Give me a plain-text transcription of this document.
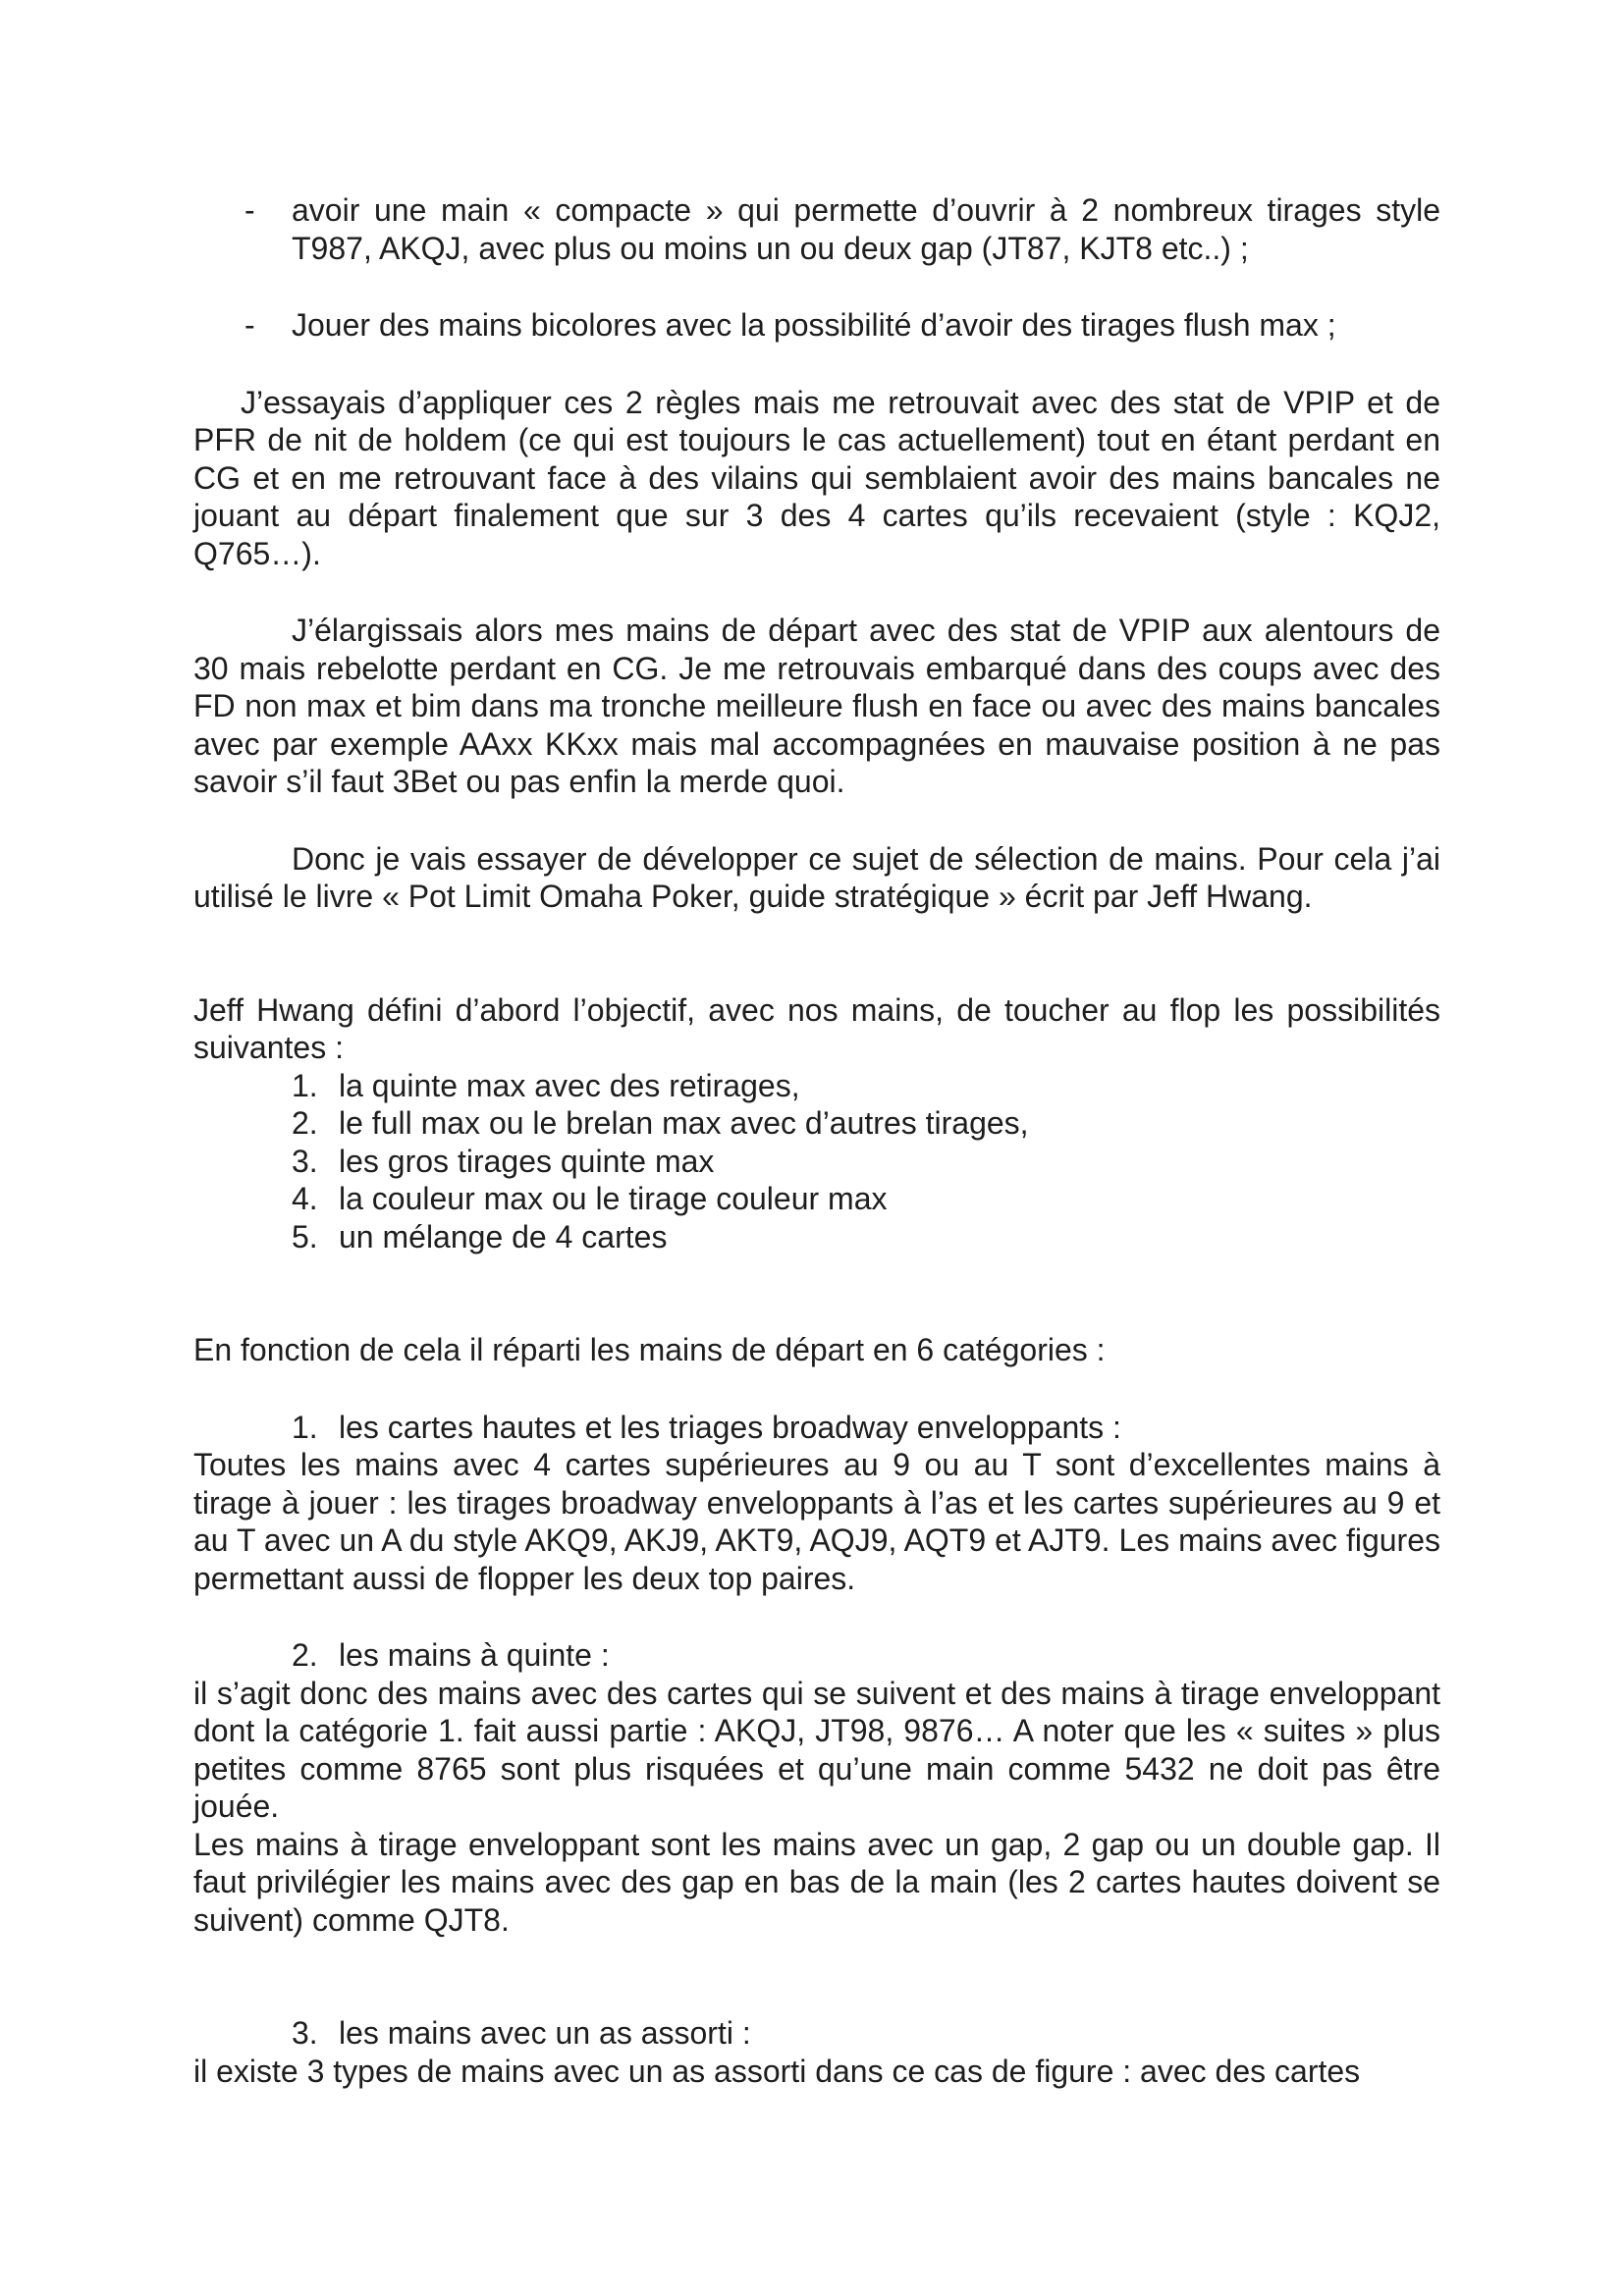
- avoir une main « compacte » qui permette d’ouvrir à 2 nombreux tirages style T987, AKQJ, avec plus ou moins un ou deux gap (JT87, KJT8 etc..) ;
- Jouer des mains bicolores avec la possibilité d’avoir des tirages flush max ;
J’essayais d’appliquer ces 2 règles mais me retrouvait avec des stat de VPIP et de PFR de nit de holdem (ce qui est toujours le cas actuellement) tout en étant perdant en CG et en me retrouvant face à des vilains qui semblaient avoir des mains bancales ne jouant au départ finalement que sur 3 des 4 cartes qu’ils recevaient (style : KQJ2, Q765…).
J’élargissais alors mes mains de départ avec des stat de VPIP aux alentours de 30 mais rebelotte perdant en CG. Je me retrouvais embarqué dans des coups avec des FD non max et bim dans ma tronche meilleure flush en face ou avec des mains bancales avec par exemple AAxx KKxx mais mal accompagnées en mauvaise position à ne pas savoir s’il faut 3Bet ou pas enfin la merde quoi.
Donc je vais essayer de développer ce sujet de sélection de mains. Pour cela j’ai utilisé le livre « Pot Limit Omaha Poker, guide stratégique » écrit par Jeff Hwang.
Jeff Hwang défini d’abord l’objectif, avec nos mains, de toucher au flop les possibilités suivantes :
1. la quinte max avec des retirages,
2. le full max ou le brelan max avec d’autres tirages,
3. les gros tirages quinte max
4. la couleur max ou le tirage couleur max
5. un mélange de 4 cartes
En fonction de cela il réparti les mains de départ en 6 catégories :
1. les cartes hautes et les triages broadway enveloppants :
Toutes les mains avec 4 cartes supérieures au 9 ou au T sont d’excellentes mains à tirage à jouer : les tirages broadway enveloppants à l’as et les cartes supérieures au 9 et au T avec un A du style AKQ9, AKJ9, AKT9, AQJ9, AQT9 et AJT9. Les mains avec figures permettant aussi de flopper les deux top paires.
2. les mains à quinte :
il s’agit donc des mains avec des cartes qui se suivent et des mains à tirage enveloppant dont la catégorie 1. fait aussi partie : AKQJ, JT98, 9876… A noter que les « suites » plus petites comme 8765 sont plus risquées et qu’une main comme 5432 ne doit pas être jouée.
Les mains à tirage enveloppant sont les mains avec un gap, 2 gap ou un double gap. Il faut privilégier les mains avec des gap en bas de la main (les 2 cartes hautes doivent se suivent) comme QJT8.
3. les mains avec un as assorti :
il existe 3 types de mains avec un as assorti dans ce cas de figure : avec des cartes
